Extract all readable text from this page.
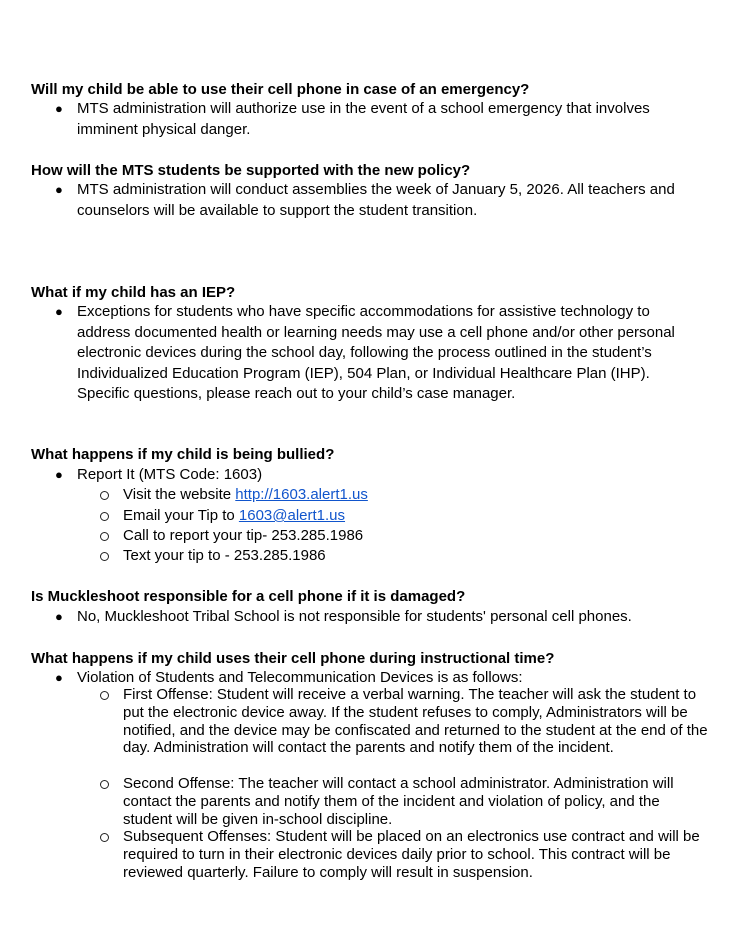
Will my child be able to use their cell phone in case of an emergency?
● MTS administration will authorize use in the event of a school emergency that involves imminent physical danger.
How will the MTS students be supported with the new policy?
● MTS administration will conduct assemblies the week of January 5, 2026. All teachers and counselors will be available to support the student transition.
What if my child has an IEP?
● Exceptions for students who have specific accommodations for assistive technology to address documented health or learning needs may use a cell phone and/or other personal electronic devices during the school day, following the process outlined in the student’s Individualized Education Program (IEP), 504 Plan, or Individual Healthcare Plan (IHP). Specific questions, please reach out to your child’s case manager.
What happens if my child is being bullied?
● Report It (MTS Code: 1603)
Visit the website http://1603.alert1.us
Email your Tip to 1603@alert1.us
Call to report your tip- 253.285.1986
Text your tip to - 253.285.1986
Is Muckleshoot responsible for a cell phone if it is damaged?
● No, Muckleshoot Tribal School is not responsible for students' personal cell phones.
What happens if my child uses their cell phone during instructional time?
● Violation of Students and Telecommunication Devices is as follows:
First Offense: Student will receive a verbal warning. The teacher will ask the student to put the electronic device away. If the student refuses to comply, Administrators will be notified, and the device may be confiscated and returned to the student at the end of the day. Administration will contact the parents and notify them of the incident.
Second Offense: The teacher will contact a school administrator. Administration will contact the parents and notify them of the incident and violation of policy, and the student will be given in-school discipline.
Subsequent Offenses: Student will be placed on an electronics use contract and will be required to turn in their electronic devices daily prior to school. This contract will be reviewed quarterly. Failure to comply will result in suspension.
